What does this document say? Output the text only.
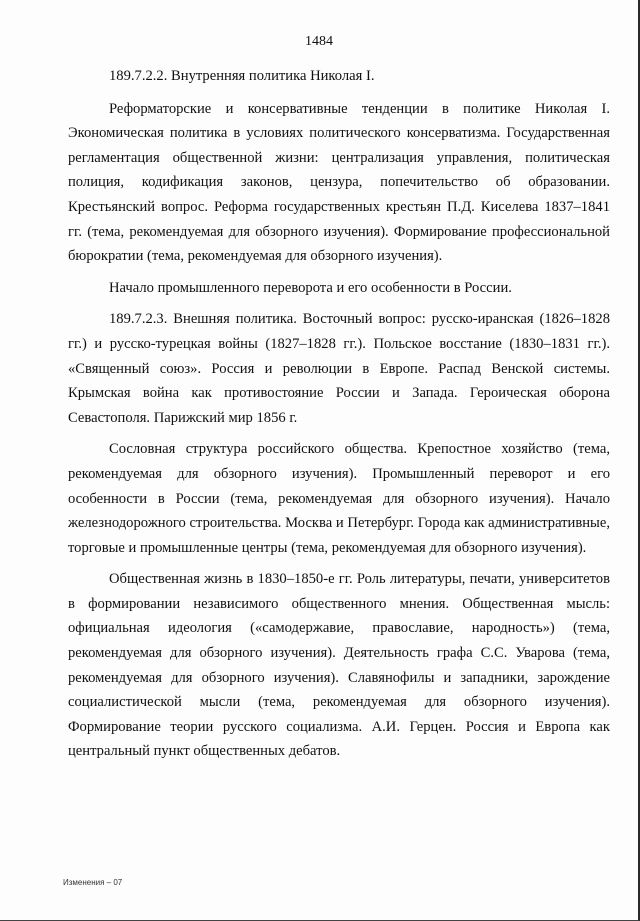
1484

189.7.2.2. Внутренняя политика Николая I.

Реформаторские и консервативные тенденции в политике Николая I. Экономическая политика в условиях политического консерватизма. Государственная регламентация общественной жизни: централизация управления, политическая полиция, кодификация законов, цензура, попечительство об образовании. Крестьянский вопрос. Реформа государственных крестьян П.Д. Киселева 1837–1841 гг. (тема, рекомендуемая для обзорного изучения). Формирование профессиональной бюрократии (тема, рекомендуемая для обзорного изучения).

Начало промышленного переворота и его особенности в России.

189.7.2.3. Внешняя политика. Восточный вопрос: русско-иранская (1826–1828 гг.) и русско-турецкая войны (1827–1828 гг.). Польское восстание (1830–1831 гг.). «Священный союз». Россия и революции в Европе. Распад Венской системы. Крымская война как противостояние России и Запада. Героическая оборона Севастополя. Парижский мир 1856 г.

Сословная структура российского общества. Крепостное хозяйство (тема, рекомендуемая для обзорного изучения). Промышленный переворот и его особенности в России (тема, рекомендуемая для обзорного изучения). Начало железнодорожного строительства. Москва и Петербург. Города как административные, торговые и промышленные центры (тема, рекомендуемая для обзорного изучения).

Общественная жизнь в 1830–1850-е гг. Роль литературы, печати, университетов в формировании независимого общественного мнения. Общественная мысль: официальная идеология («самодержавие, православие, народность») (тема, рекомендуемая для обзорного изучения). Деятельность графа С.С. Уварова (тема, рекомендуемая для обзорного изучения). Славянофилы и западники, зарождение социалистической мысли (тема, рекомендуемая для обзорного изучения). Формирование теории русского социализма. А.И. Герцен. Россия и Европа как центральный пункт общественных дебатов.

Изменения – 07
